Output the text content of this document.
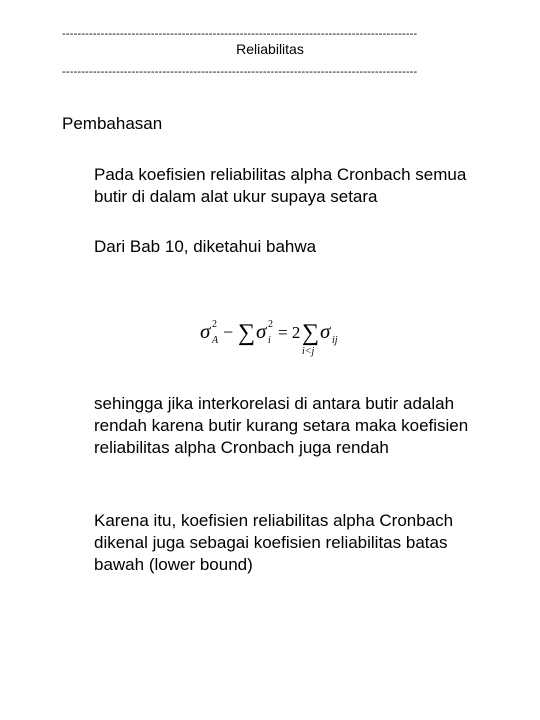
--------------------------------------------------------------------------------------------
Reliabilitas
--------------------------------------------------------------------------------------------
Pembahasan
Pada koefisien reliabilitas alpha Cronbach semua butir di dalam alat ukur supaya setara
Dari Bab 10, diketahui bahwa
σ 2
A − ∑ σ 2
i = 2 ∑
i<j
σ ij
sehingga jika interkorelasi di antara butir adalah rendah karena butir kurang setara maka koefisien reliabilitas alpha Cronbach juga rendah
Karena itu, koefisien reliabilitas alpha Cronbach dikenal juga sebagai koefisien reliabilitas batas bawah (lower bound)
